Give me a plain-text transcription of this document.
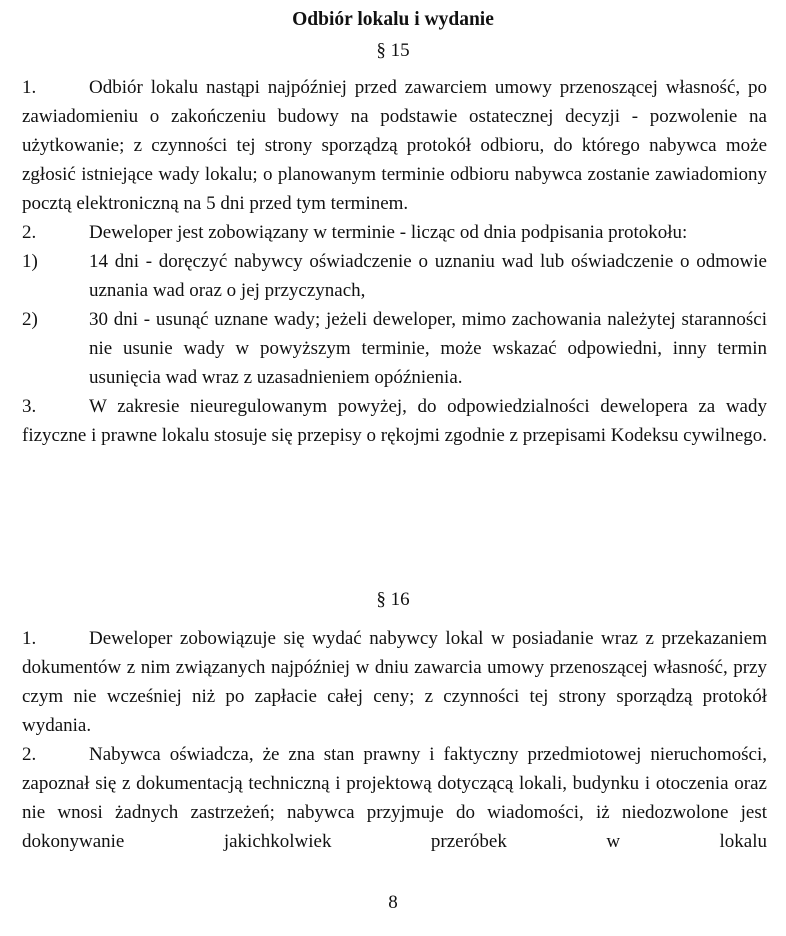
Odbiór lokalu i wydanie
§ 15
1.	Odbiór lokalu nastąpi najpóźniej przed zawarciem umowy przenoszącej własność, po zawiadomieniu o zakończeniu budowy na podstawie ostatecznej decyzji - pozwolenie na użytkowanie; z czynności tej strony sporządzą protokół odbioru, do którego nabywca może zgłosić istniejące wady lokalu; o planowanym terminie odbioru nabywca zostanie zawiadomiony pocztą elektroniczną na 5 dni przed tym terminem.
2.	Deweloper jest zobowiązany w terminie - licząc od dnia podpisania protokołu:
1)	14 dni - doręczyć nabywcy oświadczenie o uznaniu wad lub oświadczenie o odmowie uznania wad oraz o jej przyczynach,
2)	30 dni - usunąć uznane wady; jeżeli deweloper, mimo zachowania należytej staranności nie usunie wady w powyższym terminie, może wskazać odpowiedni, inny termin usunięcia wad wraz z uzasadnieniem opóźnienia.
3.	W zakresie nieuregulowanym powyżej, do odpowiedzialności dewelopera za wady fizyczne i prawne lokalu stosuje się przepisy o rękojmi zgodnie z przepisami Kodeksu cywilnego.
§ 16
1.	Deweloper zobowiązuje się wydać nabywcy lokal w posiadanie wraz z przekazaniem dokumentów z nim związanych najpóźniej w dniu zawarcia umowy przenoszącej własność, przy czym nie wcześniej niż po zapłacie całej ceny; z czynności tej strony sporządzą protokół wydania.
2.	Nabywca oświadcza, że zna stan prawny i faktyczny przedmiotowej nieruchomości, zapoznał się z dokumentacją techniczną i projektową dotyczącą lokali, budynku i otoczenia oraz nie wnosi żadnych zastrzeżeń; nabywca przyjmuje do wiadomości, iż niedozwolone jest dokonywanie jakichkolwiek przeróbek w lokalu
8
